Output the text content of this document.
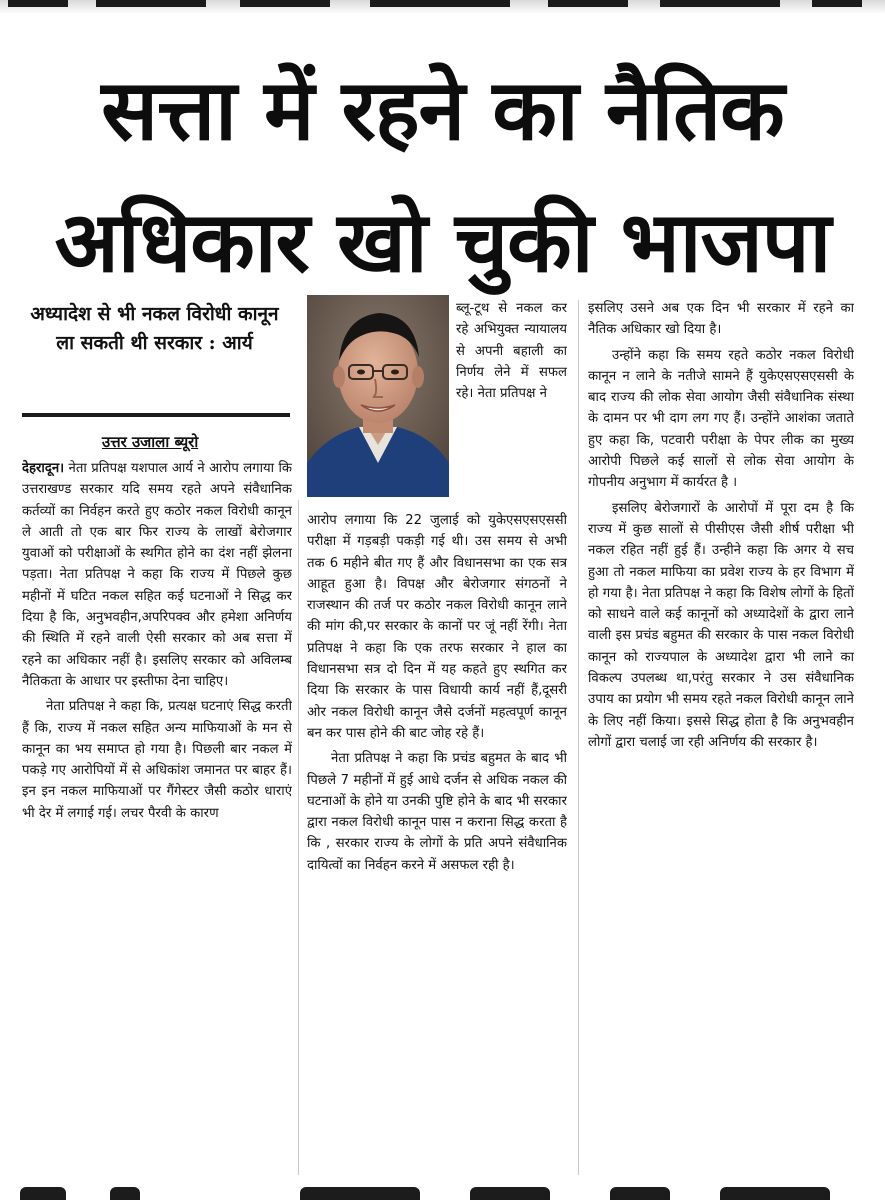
सत्ता में रहने का नैतिक
अधिकार खो चुकी भाजपा
अध्यादेश से भी नकल विरोधी कानून ला सकती थी सरकार : आर्य
उत्तर उजाला ब्यूरो

देहरादून। नेता प्रतिपक्ष यशपाल आर्य ने आरोप लगाया कि उत्तराखण्ड सरकार यदि समय रहते अपने संवैधानिक कर्तव्यों का निर्वहन करते हुए कठोर नकल विरोधी कानून ले आती तो एक बार फिर राज्य के लाखों बेरोजगार युवाओं को परीक्षाओं के स्थगित होने का दंश नहीं झेलना पड़ता। नेता प्रतिपक्ष ने कहा कि राज्य में पिछले कुछ महीनों में घटित नकल सहित कई घटनाओं ने सिद्ध कर दिया है कि, अनुभवहीन,अपरिपक्व और हमेशा अनिर्णय की स्थिति में रहने वाली ऐसी सरकार को अब सत्ता में रहने का अधिकार नहीं है। इसलिए सरकार को अविलम्ब नैतिकता के आधार पर इस्तीफा देना चाहिए।

नेता प्रतिपक्ष ने कहा कि, प्रत्यक्ष घटनाएं सिद्ध करती हैं कि, राज्य में नकल सहित अन्य माफियाओं के मन से कानून का भय समाप्त हो गया है। पिछली बार नकल में पकड़े गए आरोपियों में से अधिकांश जमानत पर बाहर हैं। इन इन नकल माफियाओं पर गैंगेस्टर जैसी कठोर धाराएं भी देर में लगाई गई। लचर पैरवी के कारण

ब्लू-टूथ से नकल कर रहे अभियुक्त न्यायालय से अपनी बहाली का निर्णय लेने में सफल रहे। नेता प्रतिपक्ष ने

आरोप लगाया कि 22 जुलाई को युकेएसएसएससी परीक्षा में गड़बड़ी पकड़ी गई थी। उस समय से अभी तक 6 महीने बीत गए हैं और विधानसभा का एक सत्र आहूत हुआ है। विपक्ष और बेरोजगार संगठनों ने राजस्थान की तर्ज पर कठोर नकल विरोधी कानून लाने की मांग की,पर सरकार के कानों पर जूं नहीं रेंगी। नेता प्रतिपक्ष ने कहा कि एक तरफ सरकार ने हाल का विधानसभा सत्र दो दिन में यह कहते हुए स्थगित कर दिया कि सरकार के पास विधायी कार्य नहीं हैं,दूसरी ओर नकल विरोधी कानून जैसे दर्जनों महत्वपूर्ण कानून बन कर पास होने की बाट जोह रहे हैं।

नेता प्रतिपक्ष ने कहा कि प्रचंड बहुमत के बाद भी पिछले 7 महीनों में हुई आधे दर्जन से अधिक नकल की घटनाओं के होने या उनकी पुष्टि होने के बाद भी सरकार द्वारा नकल विरोधी कानून पास न कराना सिद्ध करता है कि , सरकार राज्य के लोगों के प्रति अपने संवैधानिक दायित्वों का निर्वहन करने में असफल रही है।

इसलिए उसने अब एक दिन भी सरकार में रहने का नैतिक अधिकार खो दिया है।

उन्होंने कहा कि समय रहते कठोर नकल विरोधी कानून न लाने के नतीजे सामने हैं युकेएसएसएससी के बाद राज्य की लोक सेवा आयोग जैसी संवैधानिक संस्था के दामन पर भी दाग लग गए हैं। उन्होंने आशंका जताते हुए कहा कि, पटवारी परीक्षा के पेपर लीक का मुख्य आरोपी पिछले कई सालों से लोक सेवा आयोग के गोपनीय अनुभाग में कार्यरत है ।

इसलिए बेरोजगारों के आरोपों में पूरा दम है कि राज्य में कुछ सालों से पीसीएस जैसी शीर्ष परीक्षा भी नकल रहित नहीं हुई हैं। उन्हीने कहा कि अगर ये सच हुआ तो नकल माफिया का प्रवेश राज्य के हर विभाग में हो गया है। नेता प्रतिपक्ष ने कहा कि विशेष लोगों के हितों को साधने वाले कई कानूनों को अध्यादेशों के द्वारा लाने वाली इस प्रचंड बहुमत की सरकार के पास नकल विरोधी कानून को राज्यपाल के अध्यादेश द्वारा भी लाने का विकल्प उपलब्ध था,परंतु सरकार ने उस संवैधानिक उपाय का प्रयोग भी समय रहते नकल विरोधी कानून लाने के लिए नहीं किया। इससे सिद्ध होता है कि अनुभवहीन लोगों द्वारा चलाई जा रही अनिर्णय की सरकार है।
